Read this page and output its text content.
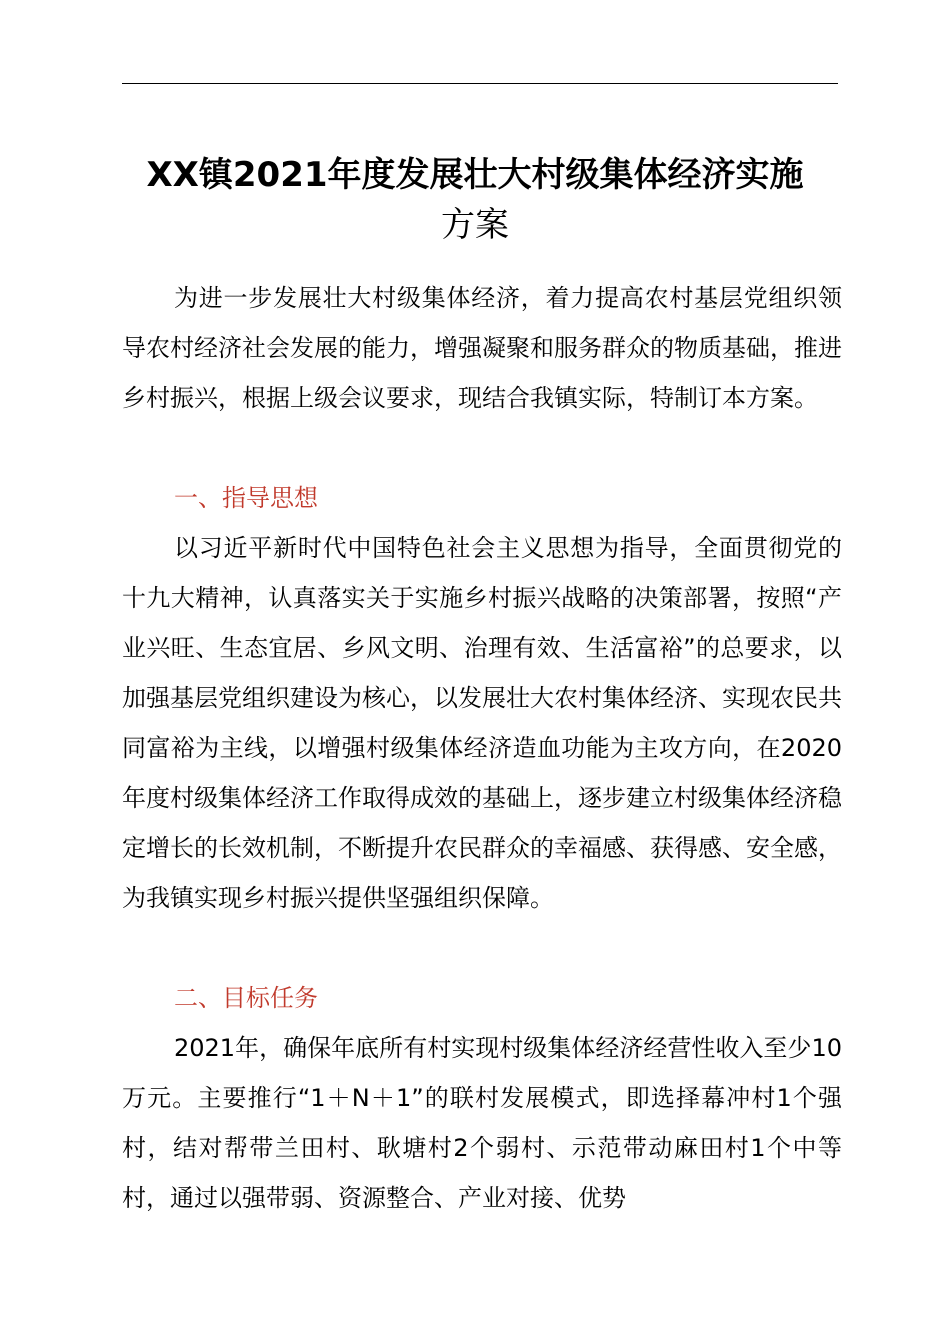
XX镇2021年度发展壮大村级集体经济实施
方案

为进一步发展壮大村级集体经济，着力提高农村基层党组织领导农村经济社会发展的能力，增强凝聚和服务群众的物质基础，推进乡村振兴，根据上级会议要求，现结合我镇实际，特制订本方案。

一、指导思想

以习近平新时代中国特色社会主义思想为指导，全面贯彻党的十九大精神，认真落实关于实施乡村振兴战略的决策部署，按照“产业兴旺、生态宜居、乡风文明、治理有效、生活富裕”的总要求，以加强基层党组织建设为核心，以发展壮大农村集体经济、实现农民共同富裕为主线，以增强村级集体经济造血功能为主攻方向，在2020年度村级集体经济工作取得成效的基础上，逐步建立村级集体经济稳定增长的长效机制，不断提升农民群众的幸福感、获得感、安全感，为我镇实现乡村振兴提供坚强组织保障。

二、目标任务

2021年，确保年底所有村实现村级集体经济经营性收入至少10万元。主要推行“1＋N＋1”的联村发展模式，即选择幕冲村1个强村，结对帮带兰田村、耿塘村2个弱村、示范带动麻田村1个中等村，通过以强带弱、资源整合、产业对接、优势
